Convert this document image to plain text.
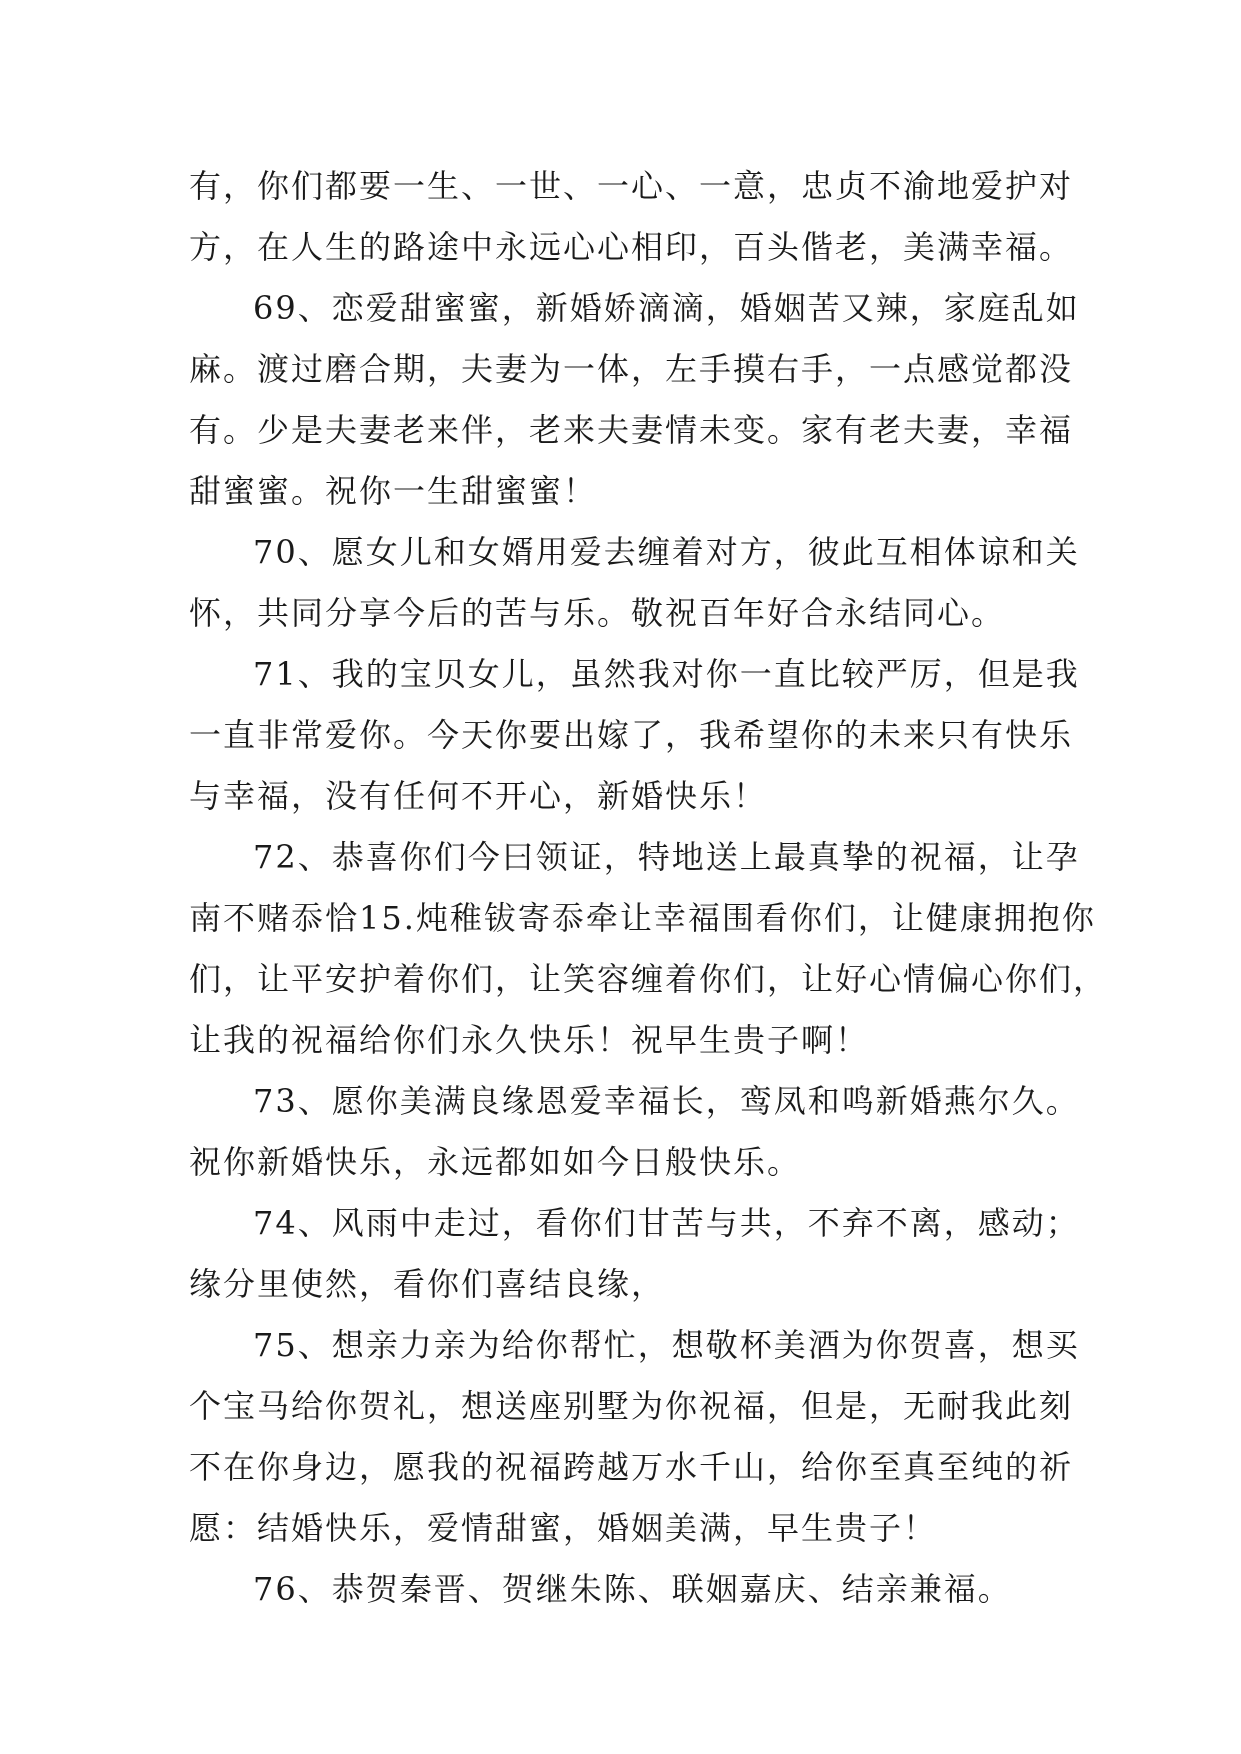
有，你们都要一生、一世、一心、一意，忠贞不渝地爱护对
方，在人生的路途中永远心心相印，百头偕老，美满幸福。
69、恋爱甜蜜蜜，新婚娇滴滴，婚姻苦又辣，家庭乱如
麻。渡过磨合期，夫妻为一体，左手摸右手，一点感觉都没
有。少是夫妻老来伴，老来夫妻情未变。家有老夫妻，幸福
甜蜜蜜。祝你一生甜蜜蜜！
70、愿女儿和女婿用爱去缠着对方，彼此互相体谅和关
怀，共同分享今后的苦与乐。敬祝百年好合永结同心。
71、我的宝贝女儿，虽然我对你一直比较严厉，但是我
一直非常爱你。今天你要出嫁了，我希望你的未来只有快乐
与幸福，没有任何不开心，新婚快乐！
72、恭喜你们今曰领证，特地送上最真挚的祝福，让孕
南不赌忝恰15.炖稚钹寄忝牵让幸福围看你们，让健康拥抱你
们，让平安护着你们，让笑容缠着你们，让好心情偏心你们，
让我的祝福给你们永久快乐！祝早生贵子啊！
73、愿你美满良缘恩爱幸福长，鸾凤和鸣新婚燕尔久。
祝你新婚快乐，永远都如如今日般快乐。
74、风雨中走过，看你们甘苦与共，不弃不离，感动；
缘分里使然，看你们喜结良缘，
75、想亲力亲为给你帮忙，想敬杯美酒为你贺喜，想买
个宝马给你贺礼，想送座别墅为你祝福，但是，无耐我此刻
不在你身边，愿我的祝福跨越万水千山，给你至真至纯的祈
愿：结婚快乐，爱情甜蜜，婚姻美满，早生贵子！
76、恭贺秦晋、贺继朱陈、联姻嘉庆、结亲兼福。
